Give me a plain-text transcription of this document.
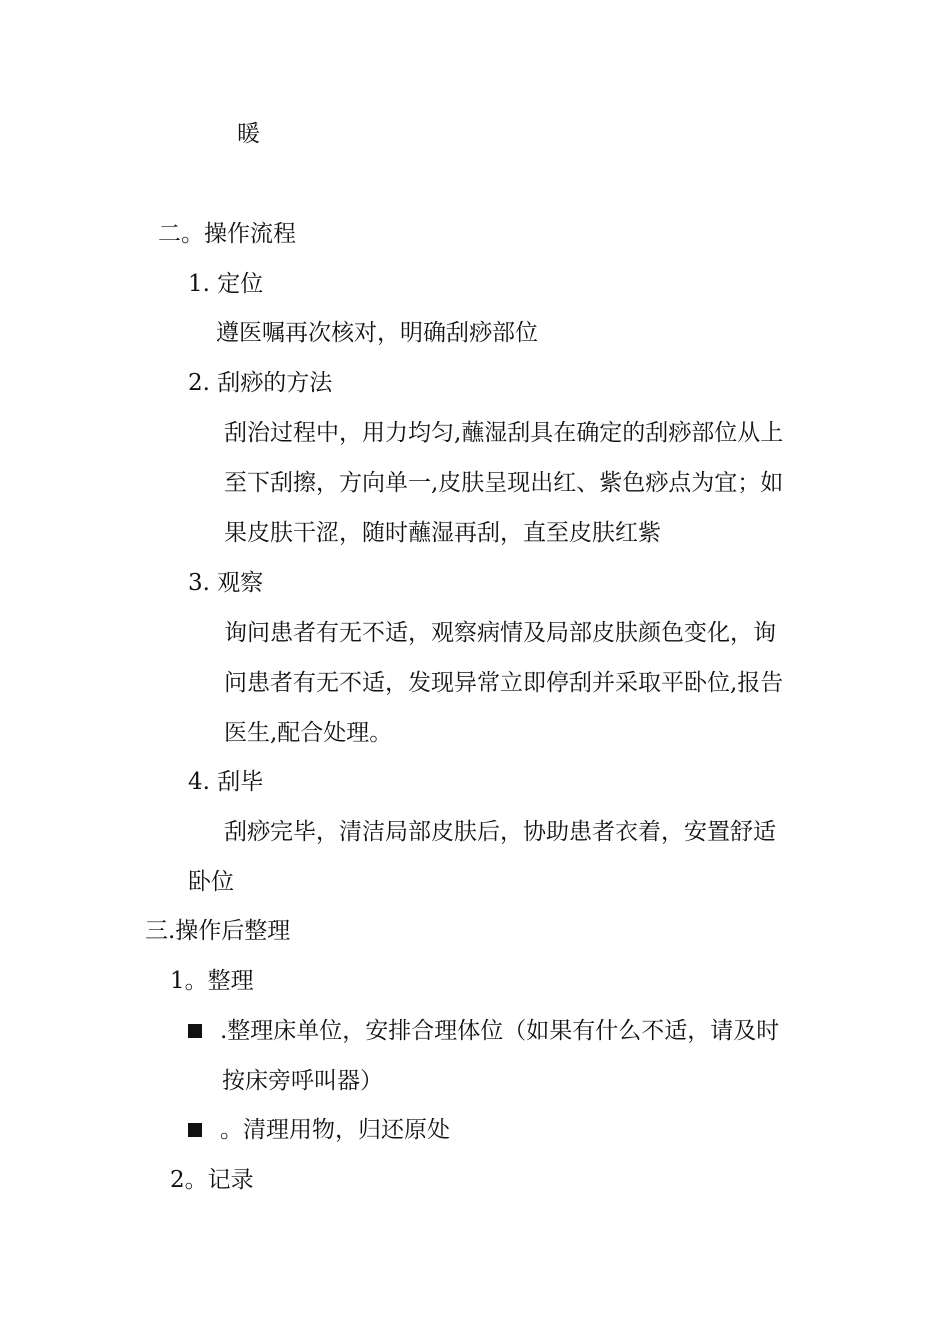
暖
二。操作流程
1. 定位
遵医嘱再次核对，明确刮痧部位
2. 刮痧的方法
刮治过程中，用力均匀,蘸湿刮具在确定的刮痧部位从上
至下刮擦，方向单一,皮肤呈现出红、紫色痧点为宜；如
果皮肤干涩，随时蘸湿再刮，直至皮肤红紫
3. 观察
询问患者有无不适，观察病情及局部皮肤颜色变化，询
问患者有无不适，发现异常立即停刮并采取平卧位,报告
医生,配合处理。
4. 刮毕
刮痧完毕，清洁局部皮肤后，协助患者衣着，安置舒适
卧位
三.操作后整理
1。整理
.整理床单位，安排合理体位（如果有什么不适，请及时
按床旁呼叫器）
。清理用物，归还原处
2。记录
